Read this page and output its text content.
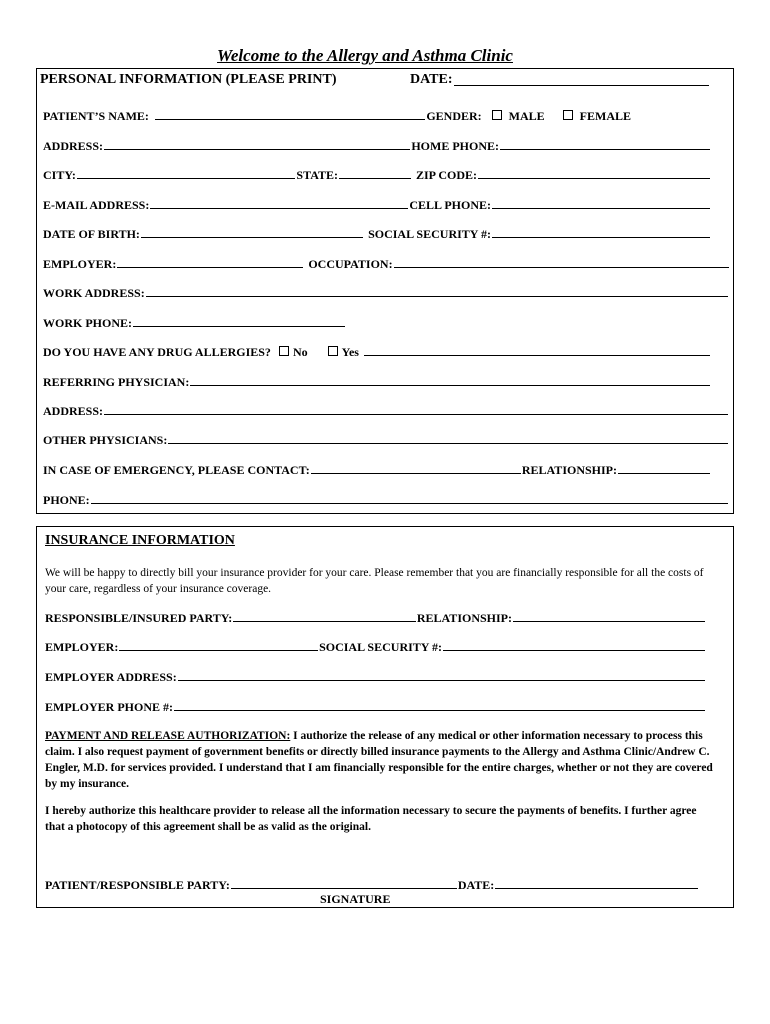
Welcome to the Allergy and Asthma Clinic
PERSONAL INFORMATION (PLEASE PRINT)	DATE:
PATIENT’S NAME:	GENDER: MALE	FEMALE
ADDRESS:	HOME PHONE:
CITY:	STATE:	ZIP CODE:
E-MAIL ADDRESS:	CELL PHONE:
DATE OF BIRTH:	SOCIAL SECURITY #:
EMPLOYER:	OCCUPATION:
WORK ADDRESS:
WORK PHONE:
DO YOU HAVE ANY DRUG ALLERGIES? No	Yes
REFERRING PHYSICIAN:
ADDRESS:
OTHER PHYSICIANS:
IN CASE OF EMERGENCY, PLEASE CONTACT:	RELATIONSHIP:
PHONE:
INSURANCE INFORMATION
We will be happy to directly bill your insurance provider for your care. Please remember that you are financially responsible for all the costs of your care, regardless of your insurance coverage.
RESPONSIBLE/INSURED PARTY:	RELATIONSHIP:
EMPLOYER:	SOCIAL SECURITY #:
EMPLOYER ADDRESS:
EMPLOYER PHONE #:
PAYMENT AND RELEASE AUTHORIZATION: I authorize the release of any medical or other information necessary to process this claim. I also request payment of government benefits or directly billed insurance payments to the Allergy and Asthma Clinic/Andrew C. Engler, M.D. for services provided. I understand that I am financially responsible for the entire charges, whether or not they are covered by my insurance.
I hereby authorize this healthcare provider to release all the information necessary to secure the payments of benefits. I further agree that a photocopy of this agreement shall be as valid as the original.
PATIENT/RESPONSIBLE PARTY:	DATE:
SIGNATURE
